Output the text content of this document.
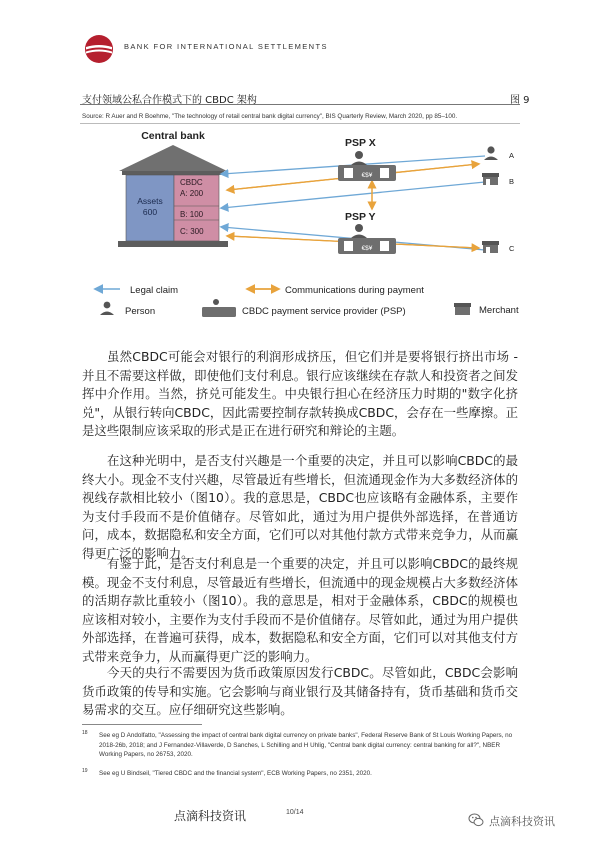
BANK FOR INTERNATIONAL SETTLEMENTS
支付领域公私合作模式下的 CBDC 架构	图 9
Source: R Auer and R Boehme, "The technology of retail central bank digital currency", BIS Quarterly Review, March 2020, pp 85–100.
Central bank
Assets
600
CBDC
A: 200
B: 100
C: 300
PSP X
€$¥
PSP Y
€$¥
A
B
C
Legal claim	Communications during payment
Person	CBDC payment service provider (PSP)	Merchant

虽然CBDC可能会对银行的利润形成挤压，但它们并是要将银行挤出市场 - 并且不需要这样做，即使他们支付利息。银行应该继续在存款人和投资者之间发挥中介作用。当然，挤兑可能发生。中央银行担心在经济压力时期的"数字化挤兑"，从银行转向CBDC，因此需要控制存款转换成CBDC，会存在一些摩擦。正是这些限制应该采取的形式是正在进行研究和辩论的主题。

在这种光明中，是否支付兴趣是一个重要的决定，并且可以影响CBDC的最终大小。现金不支付兴趣，尽管最近有些增长，但流通现金作为大多数经济体的视线存款相比较小（图10）。我的意思是，CBDC也应该略有金融体系，主要作为支付手段而不是价值储存。尽管如此，通过为用户提供外部选择，在普通访问，成本，数据隐私和安全方面，它们可以对其他付款方式带来竞争力，从而赢得更广泛的影响力。

有鉴于此，是否支付利息是一个重要的决定，并且可以影响CBDC的最终规模。现金不支付利息，尽管最近有些增长，但流通中的现金规模占大多数经济体的活期存款比重较小（图10）。我的意思是，相对于金融体系，CBDC的规模也应该相对较小，主要作为支付手段而不是价值储存。尽管如此，通过为用户提供外部选择，在普遍可获得，成本，数据隐私和安全方面，它们可以对其他支付方式带来竞争力，从而赢得更广泛的影响力。

今天的央行不需要因为货币政策原因发行CBDC。尽管如此，CBDC会影响货币政策的传导和实施。它会影响与商业银行及其储备持有，货币基础和货币交易需求的交互。应仔细研究这些影响。

18 See eg D Andolfatto, "Assessing the impact of central bank digital currency on private banks", Federal Reserve Bank of St Louis Working Papers, no 2018-26b, 2018; and J Fernandez-Villaverde, D Sanches, L Schilling and H Uhlig, "Central bank digital currency: central banking for all?", NBER Working Papers, no 26753, 2020.
19 See eg U Bindseil, "Tiered CBDC and the financial system", ECB Working Papers, no 2351, 2020.
点滴科技资讯	10/14
点滴科技资讯
